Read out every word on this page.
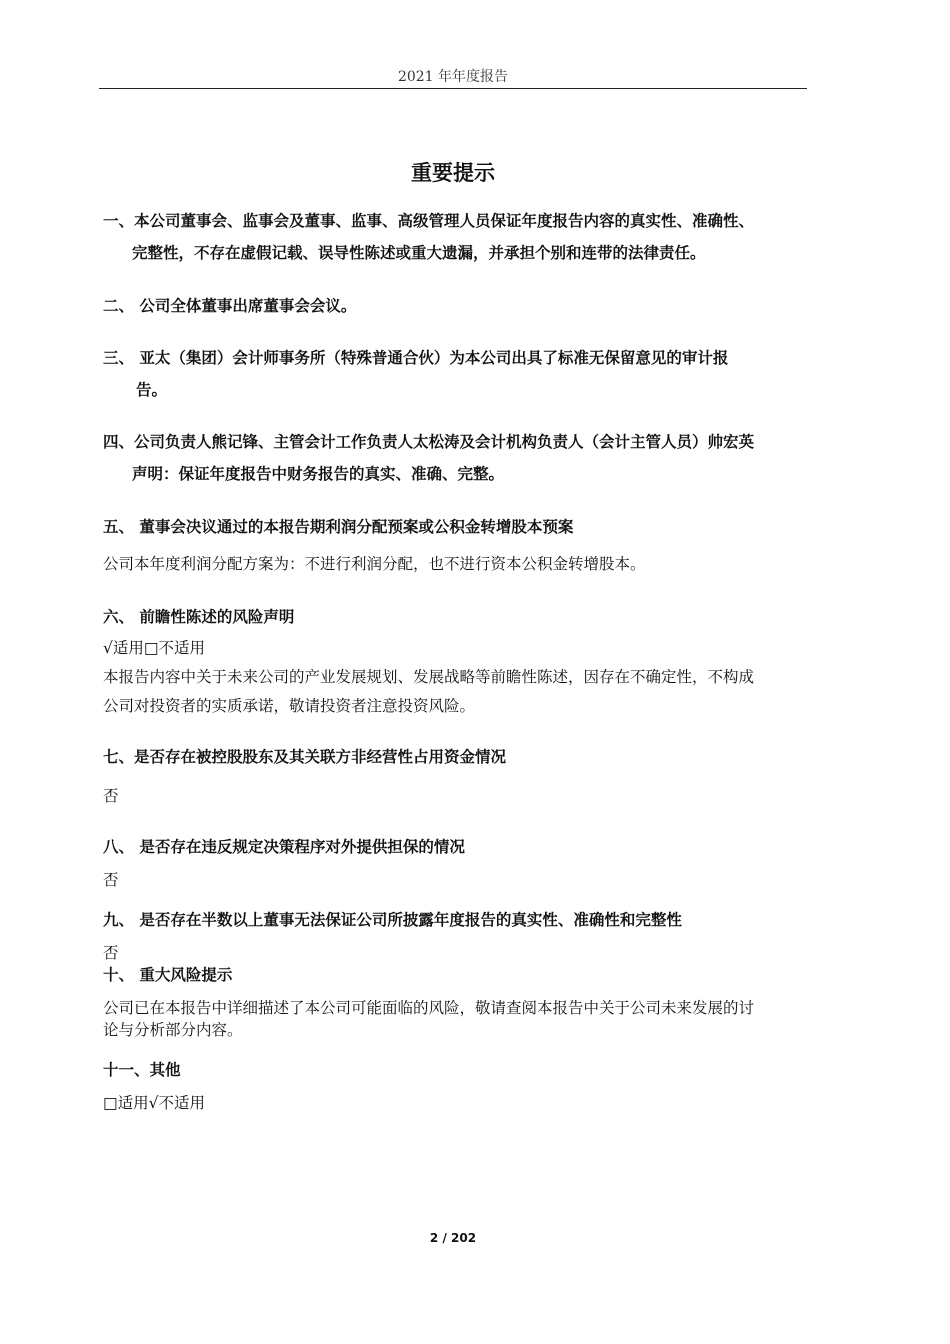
2021 年年度报告
重要提示
一、本公司董事会、监事会及董事、监事、高级管理人员保证年度报告内容的真实性、准确性、
完整性，不存在虚假记载、误导性陈述或重大遗漏，并承担个别和连带的法律责任。
二、 公司全体董事出席董事会会议。
三、 亚太（集团）会计师事务所（特殊普通合伙）为本公司出具了标准无保留意见的审计报
告。
四、公司负责人熊记锋、主管会计工作负责人太松涛及会计机构负责人（会计主管人员）帅宏英
声明：保证年度报告中财务报告的真实、准确、完整。
五、 董事会决议通过的本报告期利润分配预案或公积金转增股本预案
公司本年度利润分配方案为：不进行利润分配，也不进行资本公积金转增股本。
六、 前瞻性陈述的风险声明
√适用□不适用
本报告内容中关于未来公司的产业发展规划、发展战略等前瞻性陈述，因存在不确定性，不构成
公司对投资者的实质承诺，敬请投资者注意投资风险。
七、是否存在被控股股东及其关联方非经营性占用资金情况
否
八、 是否存在违反规定决策程序对外提供担保的情况
否
九、 是否存在半数以上董事无法保证公司所披露年度报告的真实性、准确性和完整性
否
十、 重大风险提示
公司已在本报告中详细描述了本公司可能面临的风险，敬请查阅本报告中关于公司未来发展的讨
论与分析部分内容。
十一、其他
□适用√不适用
2 / 202
